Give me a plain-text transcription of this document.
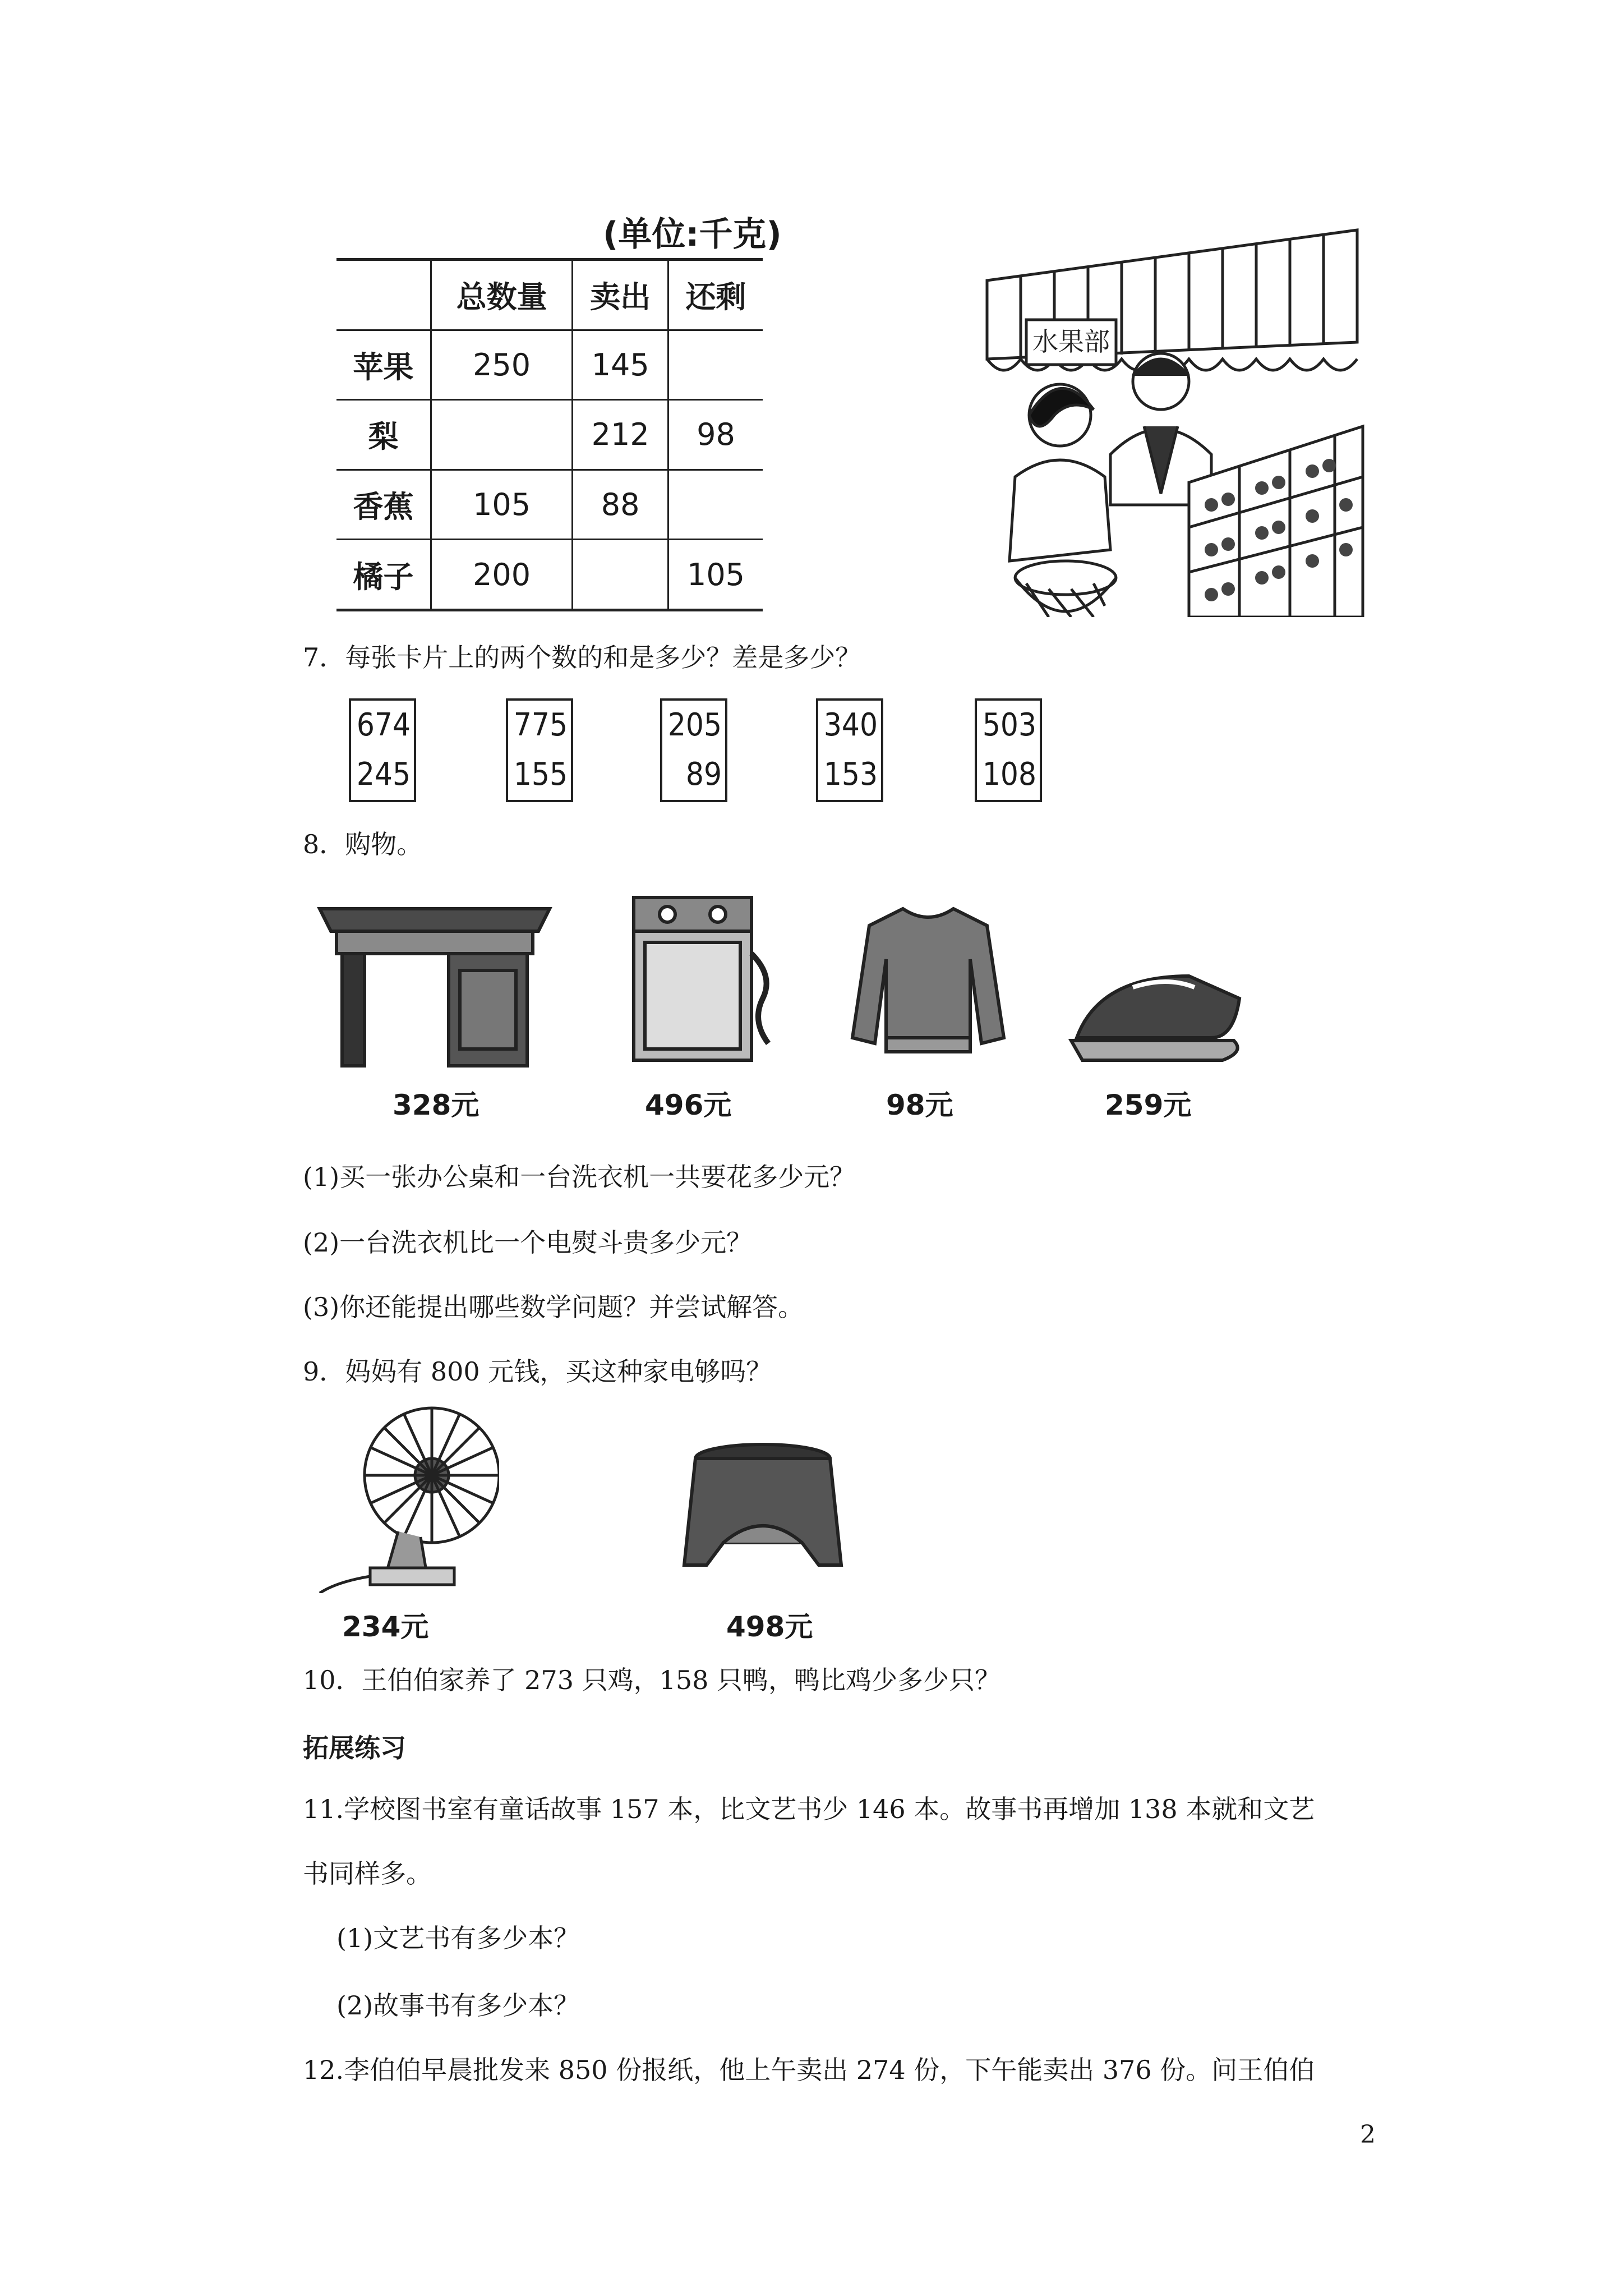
(单位:千克)
	总数量	卖出	还剩
苹果	250	145	
梨		212	98
香蕉	105	88	
橘子	200		105
水果部
7．每张卡片上的两个数的和是多少？差是多少？
674
245
775
155
205
89
340
153
503
108
8．购物。
328元	496元	98元	259元
(1)买一张办公桌和一台洗衣机一共要花多少元？
(2)一台洗衣机比一个电熨斗贵多少元？
(3)你还能提出哪些数学问题？并尝试解答。
9．妈妈有 800 元钱，买这种家电够吗？
234元	498元
10．王伯伯家养了 273 只鸡，158 只鸭，鸭比鸡少多少只？
拓展练习
11.学校图书室有童话故事 157 本，比文艺书少 146 本。故事书再增加 138 本就和文艺
书同样多。
(1)文艺书有多少本？
(2)故事书有多少本？
12.李伯伯早晨批发来 850 份报纸，他上午卖出 274 份，下午能卖出 376 份。问王伯伯
2
